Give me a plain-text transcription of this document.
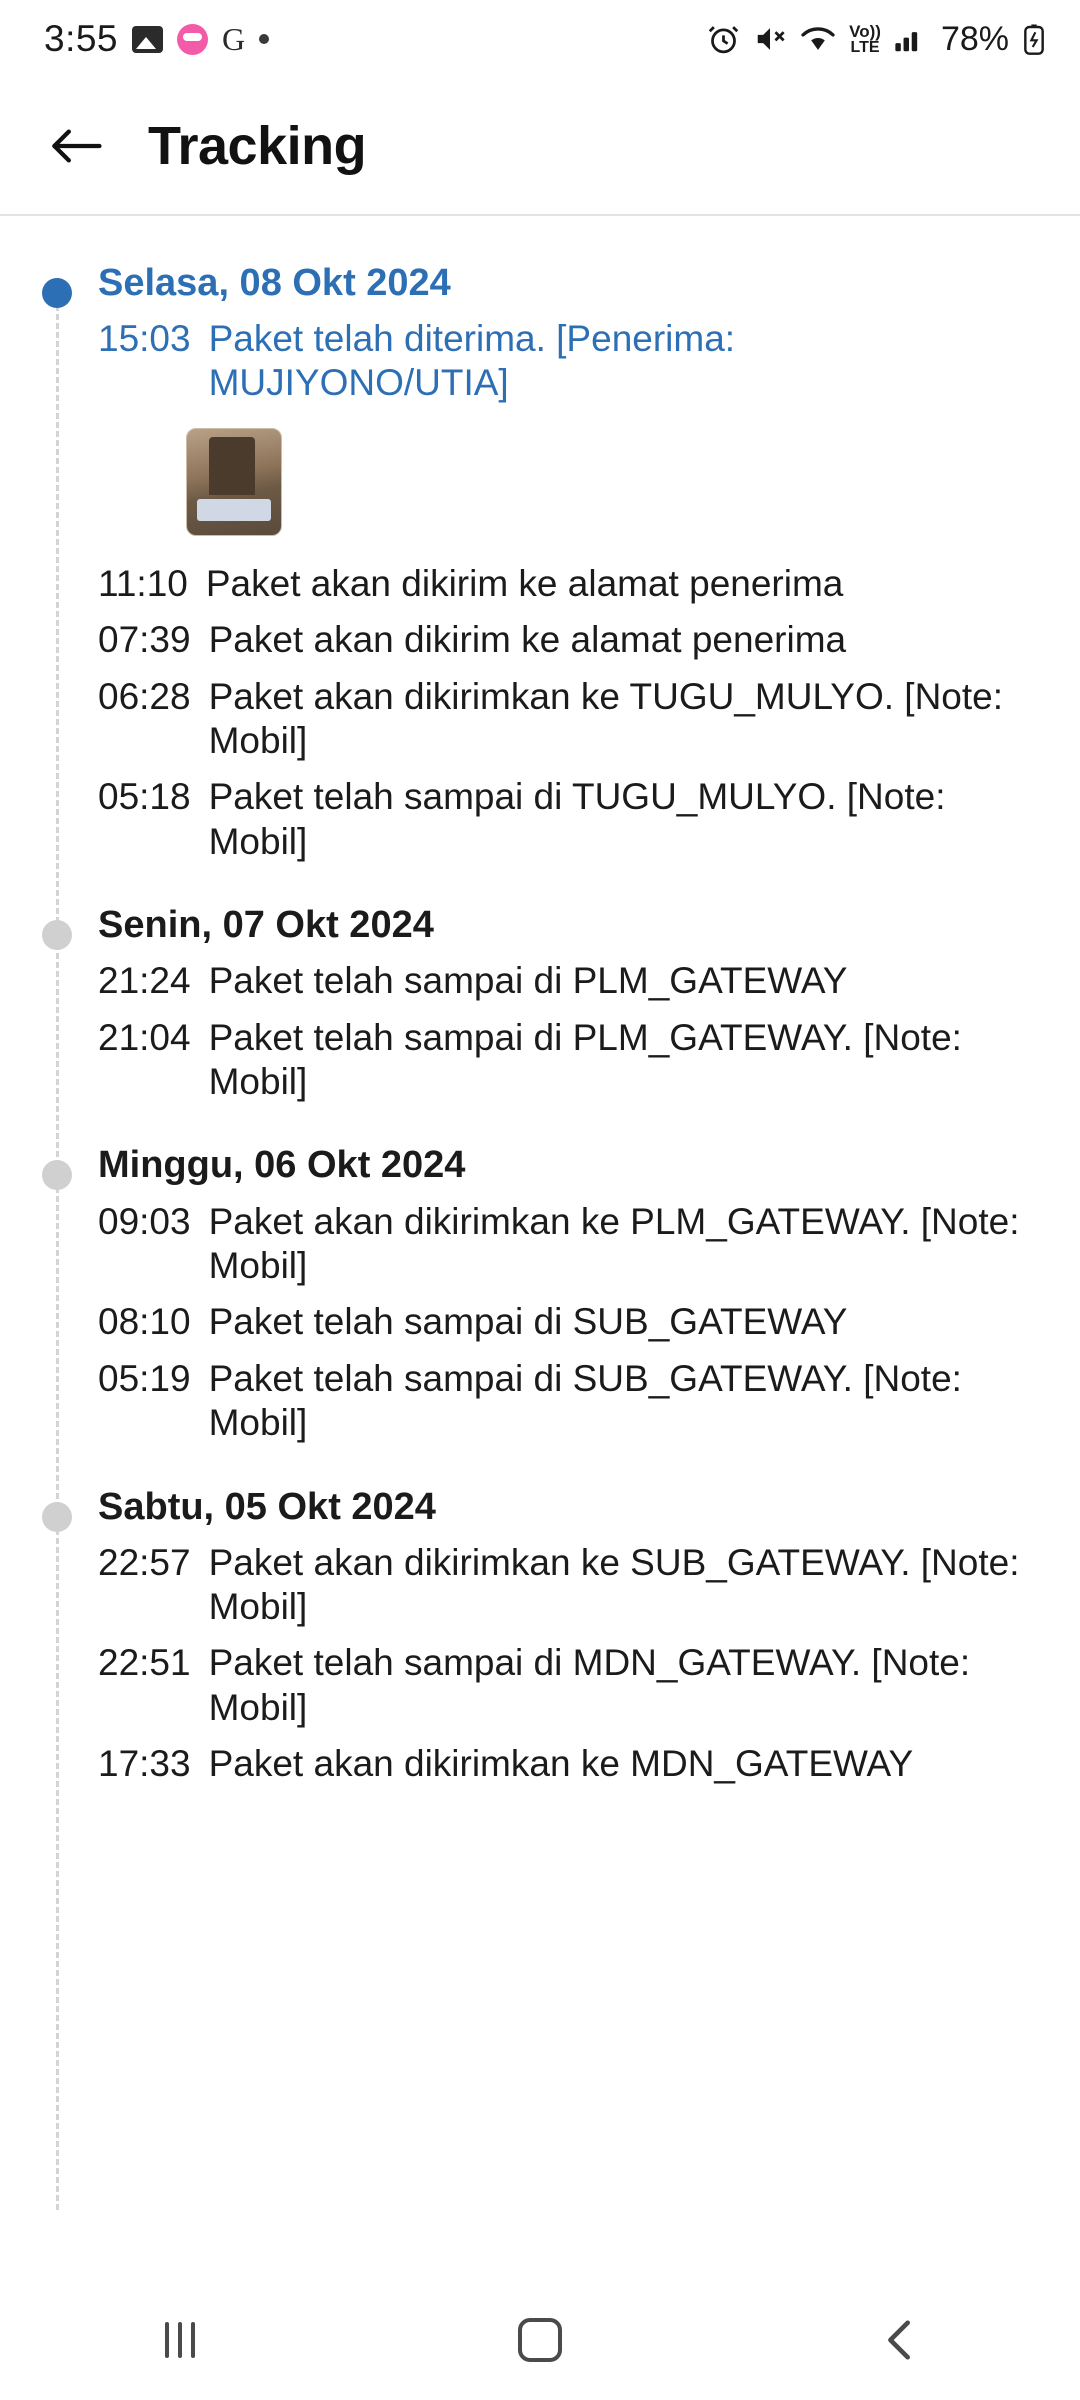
3:55	G	Vo))
LTE 78%
Tracking
Selasa, 08 Okt 2024
15:03 Paket telah diterima. [Penerima: MUJIYONO/UTIA]
11:10 Paket akan dikirim ke alamat penerima
07:39 Paket akan dikirim ke alamat penerima
06:28 Paket akan dikirimkan ke TUGU_MULYO. [Note: Mobil]
05:18 Paket telah sampai di TUGU_MULYO. [Note: Mobil]
Senin, 07 Okt 2024
21:24 Paket telah sampai di PLM_GATEWAY
21:04 Paket telah sampai di PLM_GATEWAY. [Note: Mobil]
Minggu, 06 Okt 2024
09:03 Paket akan dikirimkan ke PLM_GATEWAY. [Note: Mobil]
08:10 Paket telah sampai di SUB_GATEWAY
05:19 Paket telah sampai di SUB_GATEWAY. [Note: Mobil]
Sabtu, 05 Okt 2024
22:57 Paket akan dikirimkan ke SUB_GATEWAY. [Note: Mobil]
22:51 Paket telah sampai di MDN_GATEWAY. [Note: Mobil]
17:33 Paket akan dikirimkan ke MDN_GATEWAY
